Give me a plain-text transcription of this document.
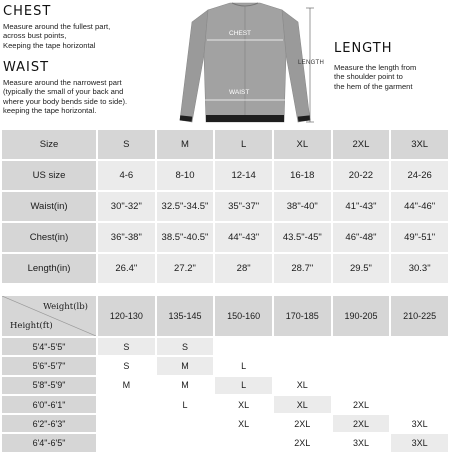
CHEST
Measure around the fullest part,
across bust points,
Keeping the tape horizontal
WAIST
Measure around the narrowest part
(typically the small of your back and
where your body bends side to side).
keeping the tape horizontal.
LENGTH
Measure the length from
the shoulder point to
the hem of the garment
CHEST
WAIST
LENGTH
Size	S	M	L	XL	2XL	3XL
US size	4-6	8-10	12-14	16-18	20-22	24-26
Waist(in)	30"-32"	32.5"-34.5"	35"-37"	38"-40"	41"-43"	44"-46"
Chest(in)	36"-38"	38.5"-40.5"	44"-43"	43.5"-45"	46"-48"	49"-51"
Length(in)	26.4"	27.2"	28"	28.7"	29.5"	30.3"
Weight(lb)
Height(ft)	120-130	135-145	150-160	170-185	190-205	210-225
5'4"-5'5"	S	S				
5'6"-5'7"	S	M	L			
5'8"-5'9"	M	M	L	XL		
6'0"-6'1"		L	XL	XL	2XL	
6'2"-6'3"			XL	2XL	2XL	3XL
6'4"-6'5"				2XL	3XL	3XL
